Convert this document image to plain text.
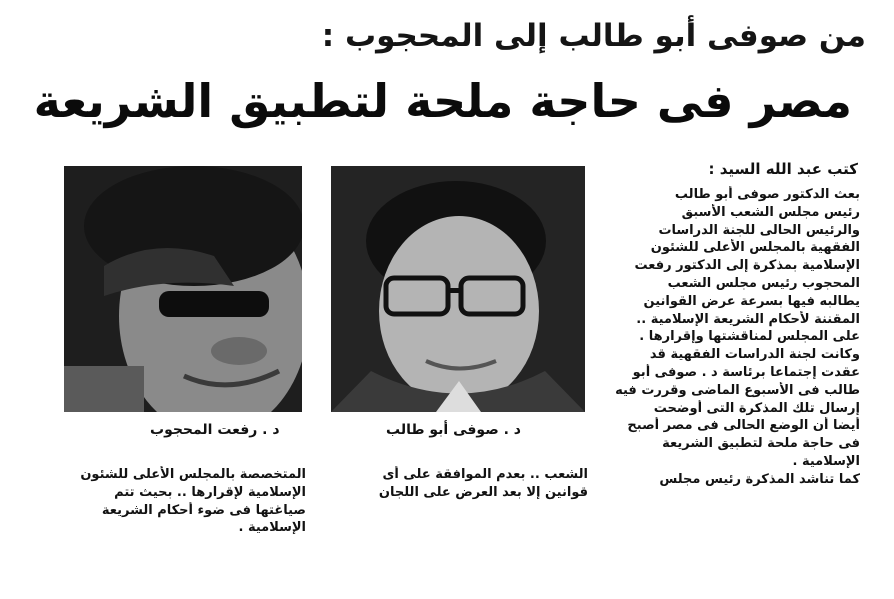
من صوفى أبو طالب إلى المحجوب :
مصر فى حاجة ملحة لتطبيق الشريعة
د . رفعت المحجوب	د . صوفى أبو طالب
كتب عبد الله السيد :
بعث الدكتور صوفى أبو طالب
رئيس مجلس الشعب الأسبق
والرئيس الحالى للجنة الدراسات
الفقهية بالمجلس الأعلى للشئون
الإسلامية بمذكرة إلى الدكتور رفعت
المحجوب رئيس مجلس الشعب
يطالبه فيها بسرعة عرض القوانين
المقننة لأحكام الشريعة الإسلامية ..
على المجلس لمناقشتها وإقرارها .
وكانت لجنة الدراسات الفقهية قد
عقدت إجتماعا برئاسة د . صوفى أبو
طالب فى الأسبوع الماضى وقررت فيه
إرسال تلك المذكرة التى أوضحت
أيضا أن الوضع الحالى فى مصر أصبح
فى حاجة ملحة لتطبيق الشريعة
الإسلامية .
كما تناشد المذكرة رئيس مجلس
الشعب .. بعدم الموافقة على أى
قوانين إلا بعد العرض على اللجان
المتخصصة بالمجلس الأعلى للشئون
الإسلامية لإقرارها .. بحيث تتم
صياغتها فى ضوء أحكام الشريعة
الإسلامية .
